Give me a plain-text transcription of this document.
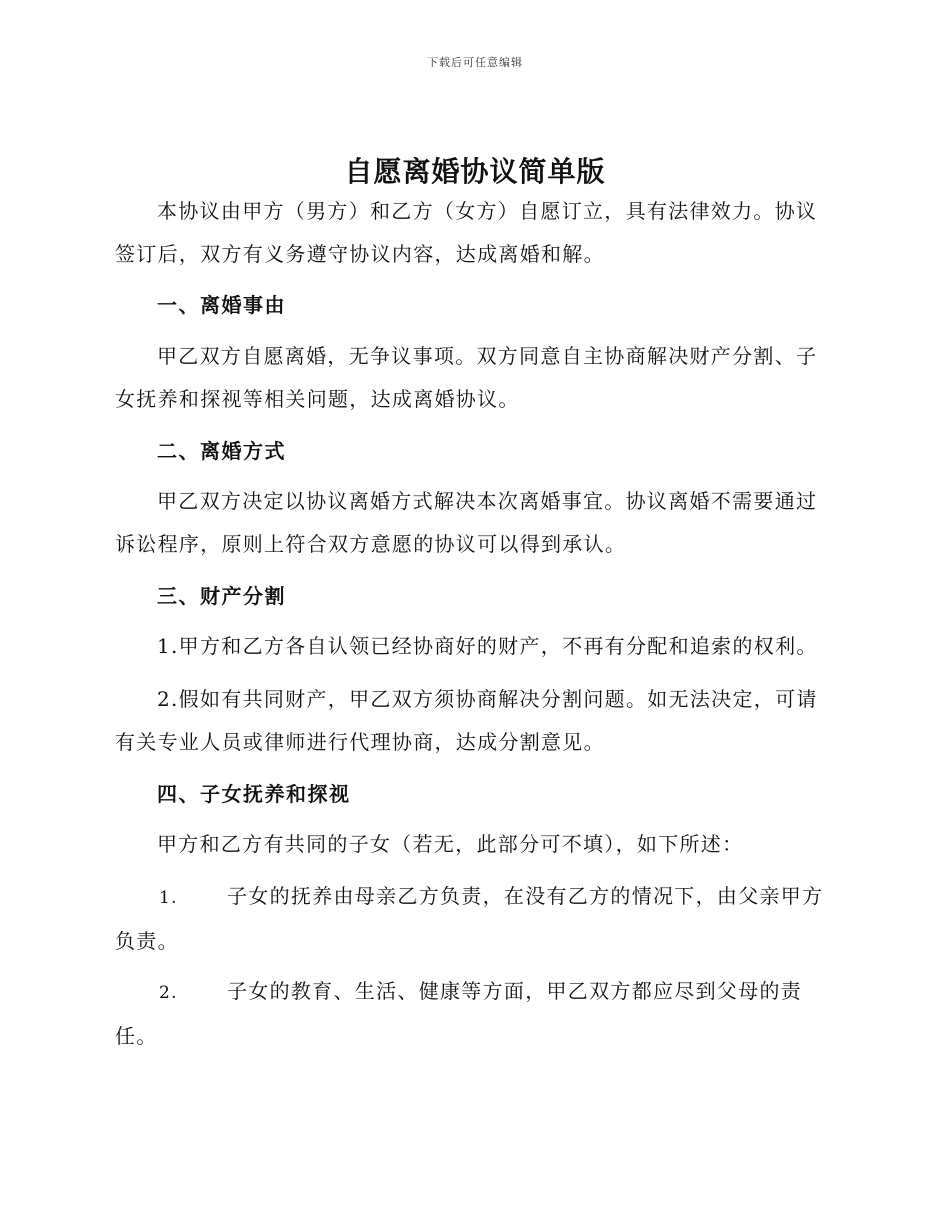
下载后可任意编辑
自愿离婚协议简单版

本协议由甲方（男方）和乙方（女方）自愿订立，具有法律效力。协议签订后，双方有义务遵守协议内容，达成离婚和解。

一、离婚事由

甲乙双方自愿离婚，无争议事项。双方同意自主协商解决财产分割、子女抚养和探视等相关问题，达成离婚协议。

二、离婚方式

甲乙双方决定以协议离婚方式解决本次离婚事宜。协议离婚不需要通过诉讼程序，原则上符合双方意愿的协议可以得到承认。

三、财产分割

1.甲方和乙方各自认领已经协商好的财产，不再有分配和追索的权利。

2.假如有共同财产，甲乙双方须协商解决分割问题。如无法决定，可请有关专业人员或律师进行代理协商，达成分割意见。

四、子女抚养和探视

甲方和乙方有共同的子女（若无，此部分可不填），如下所述：

1. 子女的抚养由母亲乙方负责，在没有乙方的情况下，由父亲甲方负责。

2. 子女的教育、生活、健康等方面，甲乙双方都应尽到父母的责任。
